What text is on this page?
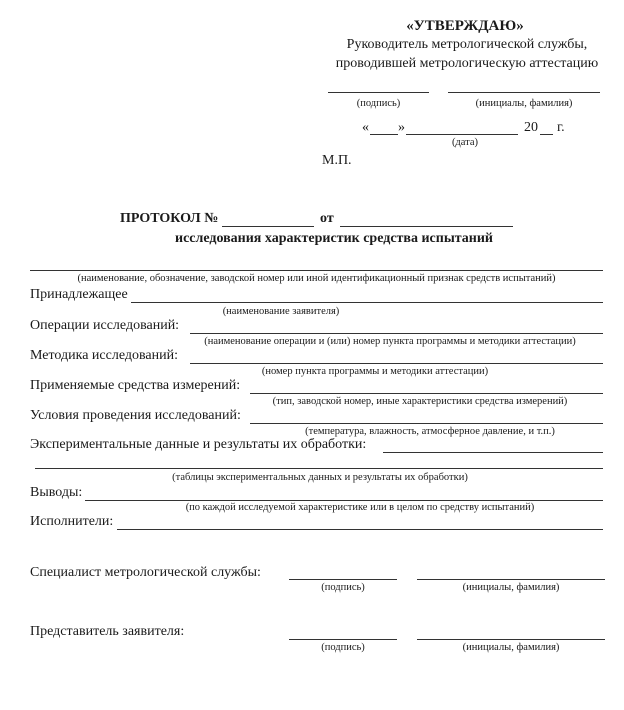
«УТВЕРЖДАЮ»
Руководитель метрологической службы,
проводившей метрологическую аттестацию
(подпись)	(инициалы, фамилия)
« »	20 г.
(дата)
М.П.
ПРОТОКОЛ №	от
исследования характеристик средства испытаний
(наименование, обозначение, заводской номер или иной идентификационный признак средств испытаний)
Принадлежащее
(наименование заявителя)
Операции исследований:
(наименование операции и (или) номер пункта программы и методики аттестации)
Методика исследований:
(номер пункта программы и методики аттестации)
Применяемые средства измерений:
(тип, заводской номер, иные характеристики средства измерений)
Условия проведения исследований:
(температура, влажность, атмосферное давление, и т.п.)
Экспериментальные данные и результаты их обработки:
(таблицы экспериментальных данных и результаты их обработки)
Выводы:
(по каждой исследуемой характеристике или в целом по средству испытаний)
Исполнители:
Специалист метрологической службы:
(подпись)	(инициалы, фамилия)
Представитель заявителя:
(подпись)	(инициалы, фамилия)
